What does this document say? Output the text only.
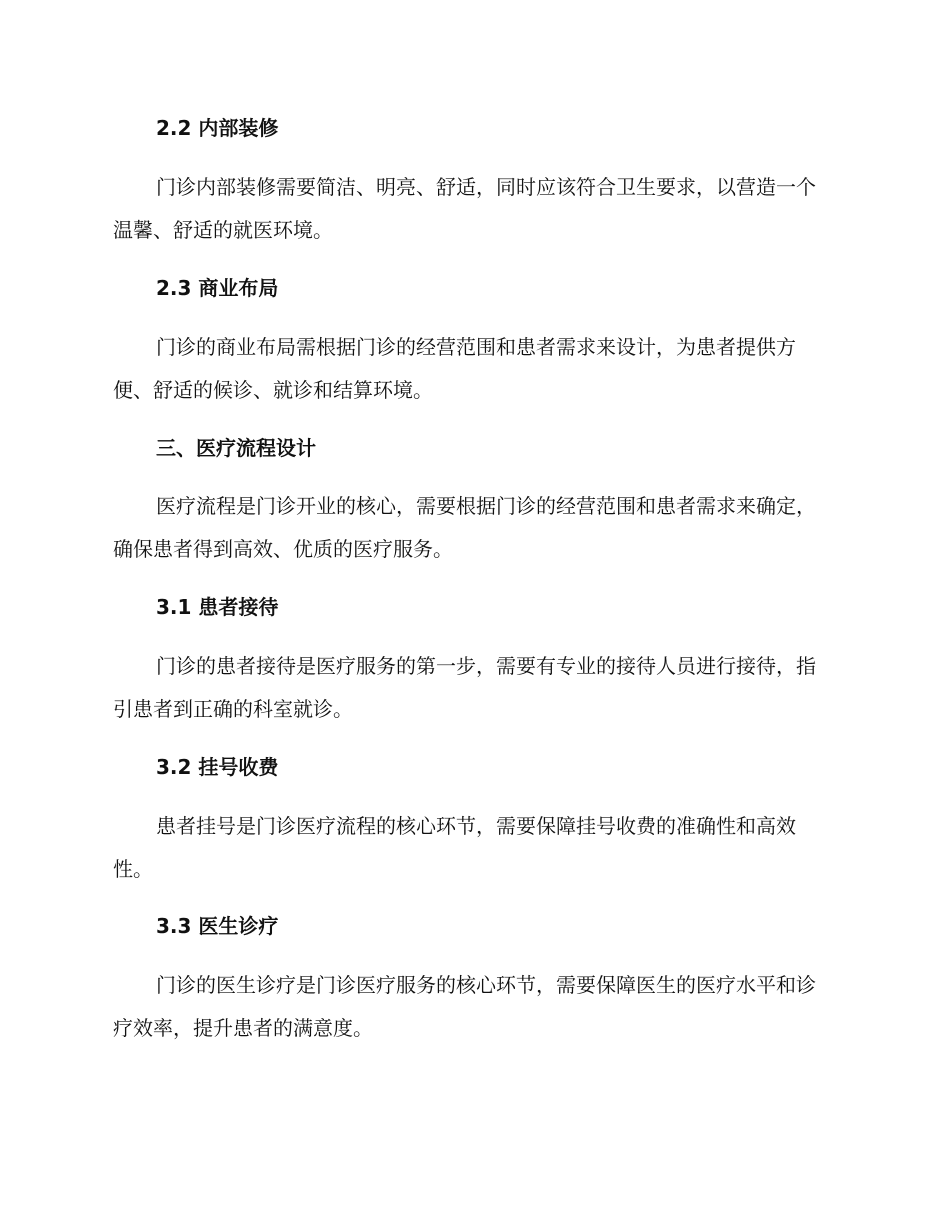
2.2 内部装修

门诊内部装修需要简洁、明亮、舒适，同时应该符合卫生要求，以营造一个温馨、舒适的就医环境。

2.3 商业布局

门诊的商业布局需根据门诊的经营范围和患者需求来设计，为患者提供方便、舒适的候诊、就诊和结算环境。

三、医疗流程设计

医疗流程是门诊开业的核心，需要根据门诊的经营范围和患者需求来确定，确保患者得到高效、优质的医疗服务。

3.1 患者接待

门诊的患者接待是医疗服务的第一步，需要有专业的接待人员进行接待，指引患者到正确的科室就诊。

3.2 挂号收费

患者挂号是门诊医疗流程的核心环节，需要保障挂号收费的准确性和高效性。

3.3 医生诊疗

门诊的医生诊疗是门诊医疗服务的核心环节，需要保障医生的医疗水平和诊疗效率，提升患者的满意度。
